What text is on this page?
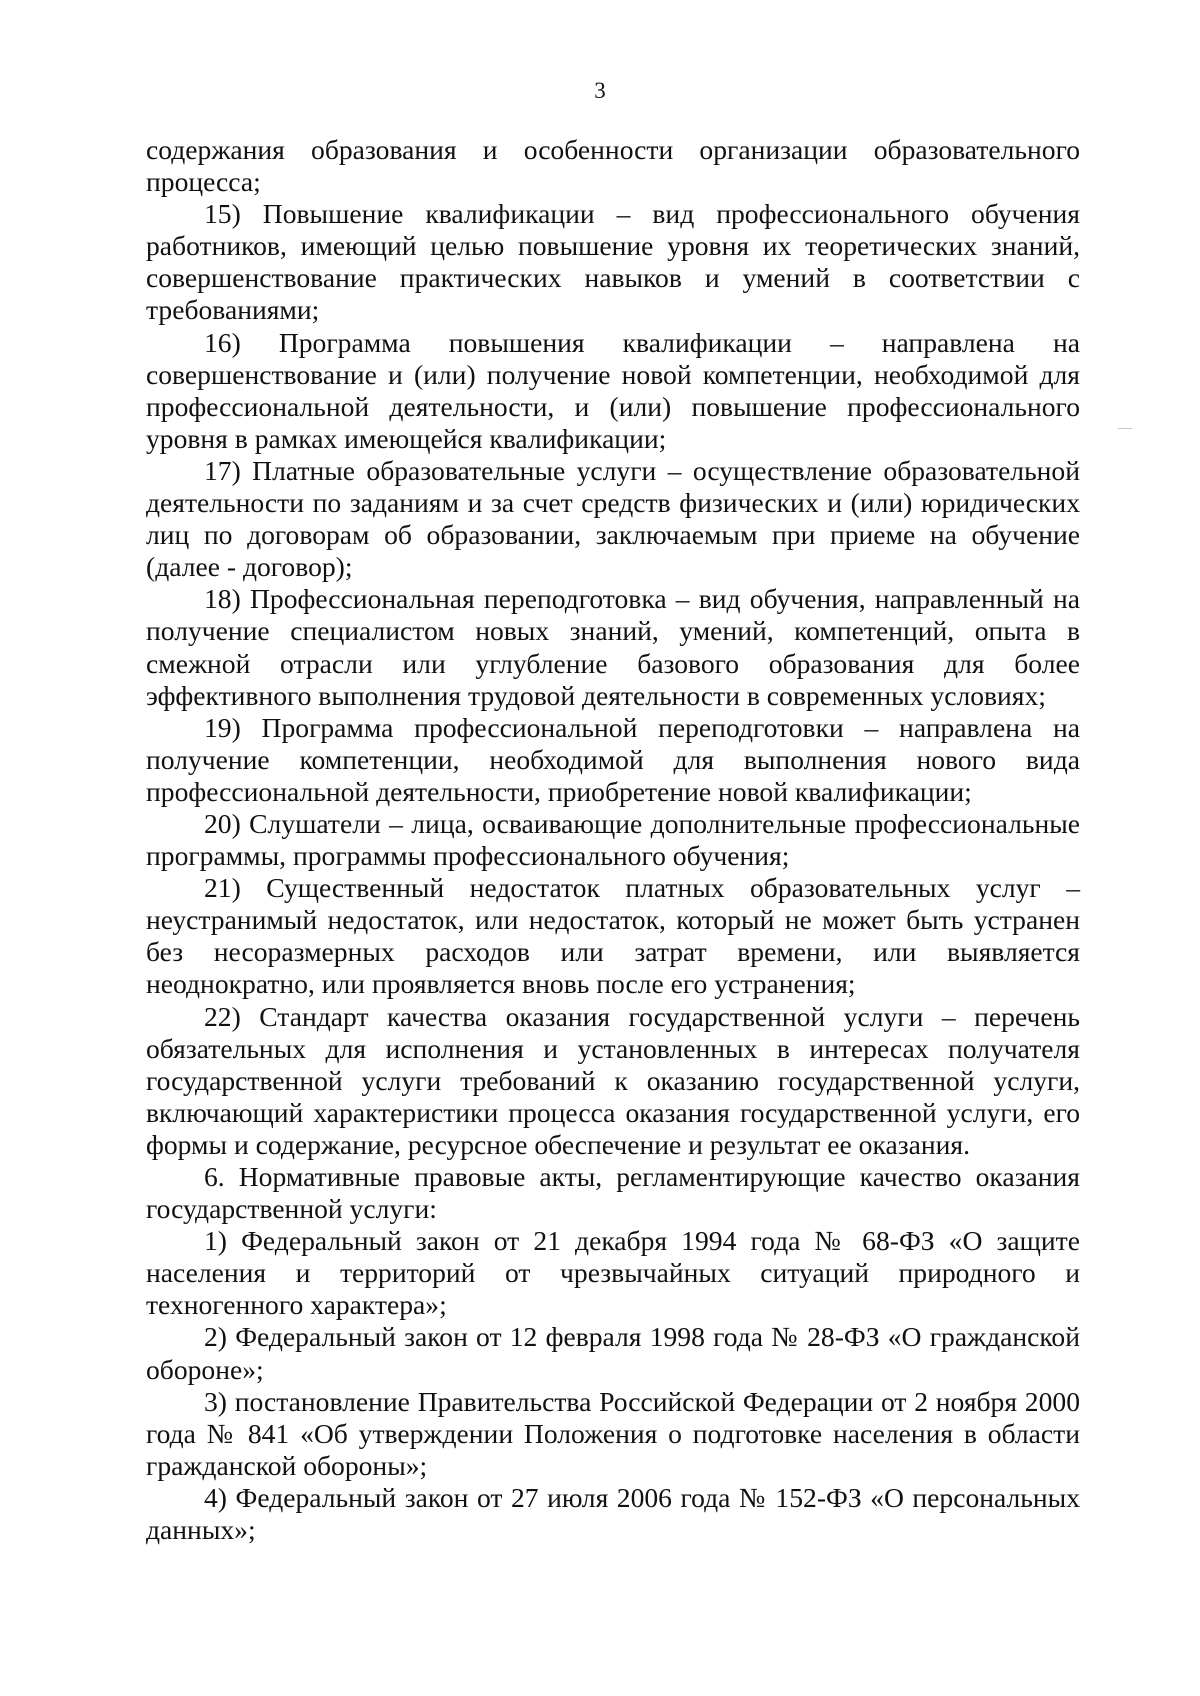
3

содержания образования и особенности организации образовательного процесса;

15) Повышение квалификации – вид профессионального обучения работников, имеющий целью повышение уровня их теоретических знаний, совершенствование практических навыков и умений в соответствии с требованиями;

16) Программа повышения квалификации – направлена на совершенствование и (или) получение новой компетенции, необходимой для профессиональной деятельности, и (или) повышение профессионального уровня в рамках имеющейся квалификации;

17) Платные образовательные услуги – осуществление образовательной деятельности по заданиям и за счет средств физических и (или) юридических лиц по договорам об образовании, заключаемым при приеме на обучение (далее - договор);

18) Профессиональная переподготовка – вид обучения, направленный на получение специалистом новых знаний, умений, компетенций, опыта в смежной отрасли или углубление базового образования для более эффективного выполнения трудовой деятельности в современных условиях;

19) Программа профессиональной переподготовки – направлена на получение компетенции, необходимой для выполнения нового вида профессиональной деятельности, приобретение новой квалификации;

20) Слушатели – лица, осваивающие дополнительные профессиональные программы, программы профессионального обучения;

21) Существенный недостаток платных образовательных услуг – неустранимый недостаток, или недостаток, который не может быть устранен без несоразмерных расходов или затрат времени, или выявляется неоднократно, или проявляется вновь после его устранения;

22) Стандарт качества оказания государственной услуги – перечень обязательных для исполнения и установленных в интересах получателя государственной услуги требований к оказанию государственной услуги, включающий характеристики процесса оказания государственной услуги, его формы и содержание, ресурсное обеспечение и результат ее оказания.

6. Нормативные правовые акты, регламентирующие качество оказания государственной услуги:

1) Федеральный закон от 21 декабря 1994 года № 68-ФЗ «О защите населения и территорий от чрезвычайных ситуаций природного и техногенного характера»;

2) Федеральный закон от 12 февраля 1998 года № 28-ФЗ «О гражданской обороне»;

3) постановление Правительства Российской Федерации от 2 ноября 2000 года № 841 «Об утверждении Положения о подготовке населения в области гражданской обороны»;

4) Федеральный закон от 27 июля 2006 года № 152-ФЗ «О персональных данных»;
